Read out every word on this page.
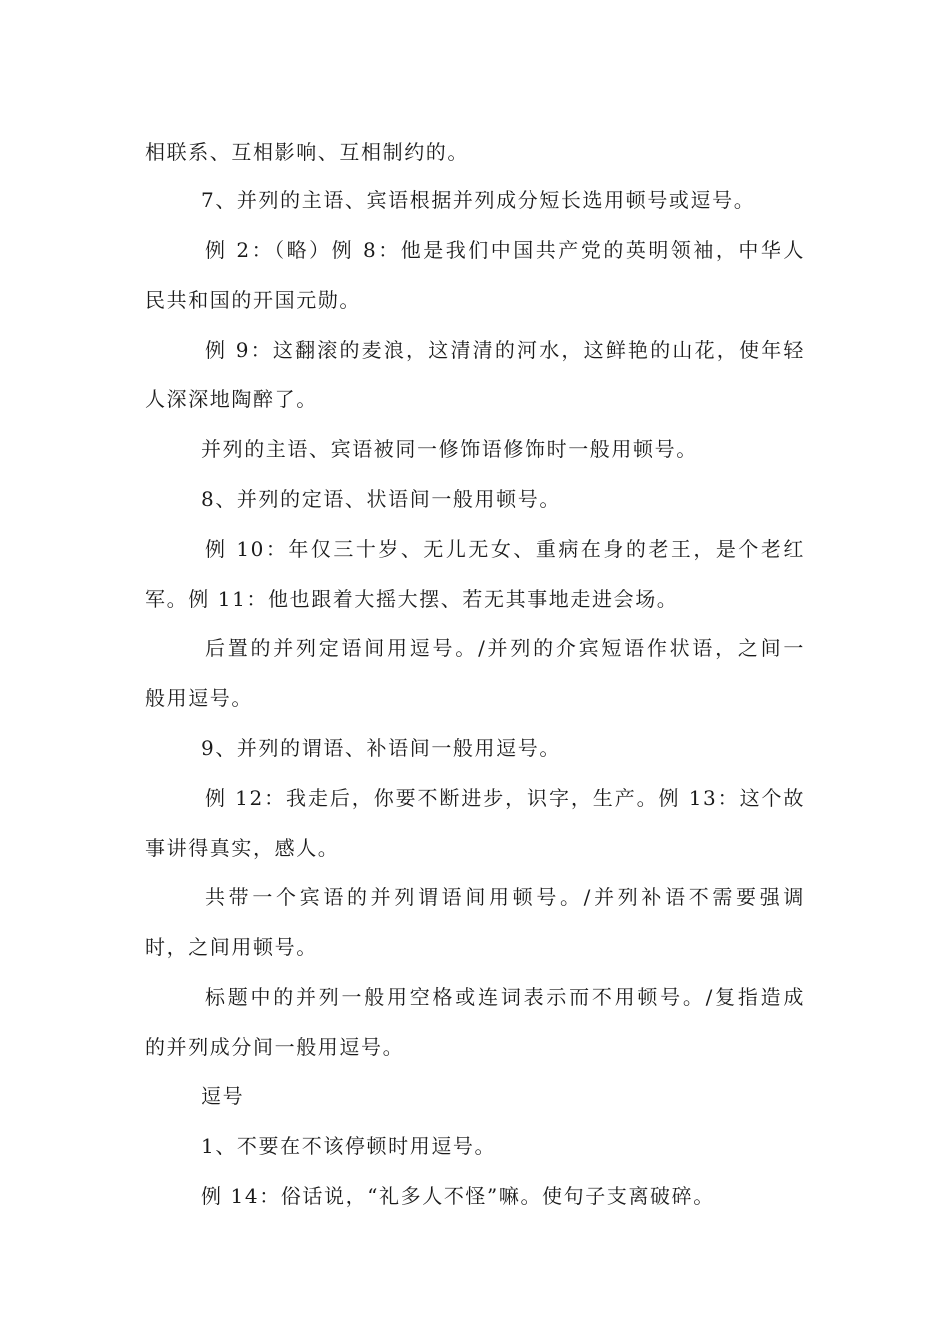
相联系、互相影响、互相制约的。
7、并列的主语、宾语根据并列成分短长选用顿号或逗号。
例 2：（略）例 8：他是我们中国共产党的英明领袖，中华人
民共和国的开国元勋。
例 9：这翻滚的麦浪，这清清的河水，这鲜艳的山花，使年轻
人深深地陶醉了。
并列的主语、宾语被同一修饰语修饰时一般用顿号。
8、并列的定语、状语间一般用顿号。
例 10：年仅三十岁、无儿无女、重病在身的老王，是个老红
军。例 11：他也跟着大摇大摆、若无其事地走进会场。
后置的并列定语间用逗号。/并列的介宾短语作状语，之间一
般用逗号。
9、并列的谓语、补语间一般用逗号。
例 12：我走后，你要不断进步，识字，生产。例 13：这个故
事讲得真实，感人。
共带一个宾语的并列谓语间用顿号。/并列补语不需要强调
时，之间用顿号。
标题中的并列一般用空格或连词表示而不用顿号。/复指造成
的并列成分间一般用逗号。
逗号
1、不要在不该停顿时用逗号。
例 14：俗话说，“礼多人不怪”嘛。使句子支离破碎。
